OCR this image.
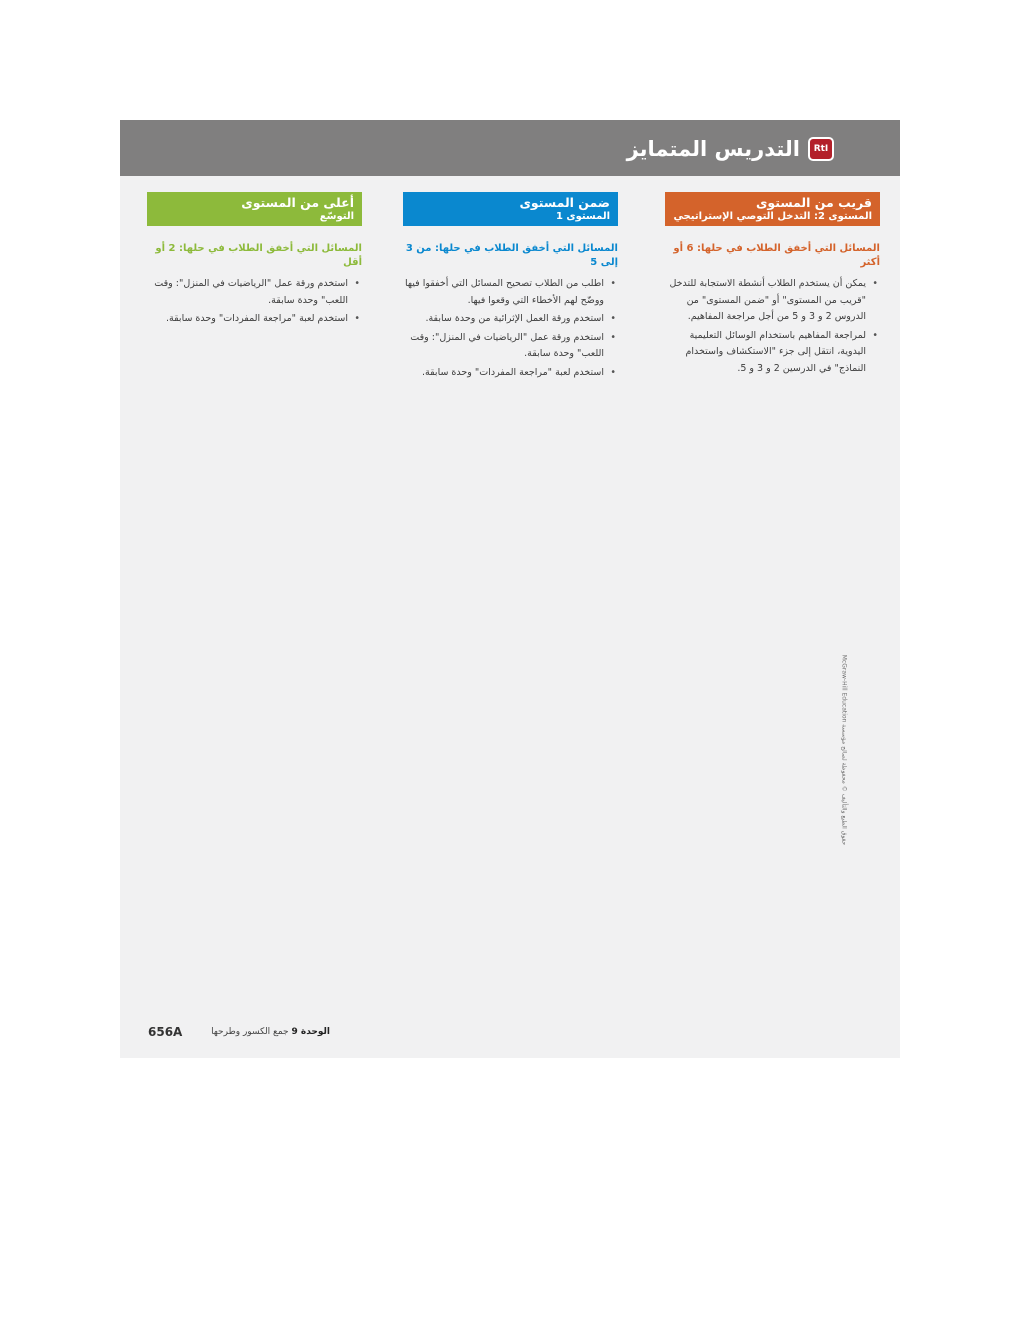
RtI
التدريس المتمايز
قريب من المستوى
المستوى 2: التدخل التوصي الإستراتيجي
المسائل التي أخفق الطلاب في حلها: 6 أو أكثر
• يمكن أن يستخدم الطلاب أنشطة الاستجابة للتدخل "قريب من المستوى" أو "ضمن المستوى" من الدروس 2 و 3 و 5 من أجل مراجعة المفاهيم.
• لمراجعة المفاهيم باستخدام الوسائل التعليمية اليدوية، انتقل إلى جزء "الاستكشاف واستخدام النماذج" في الدرسين 2 و 3 و 5.
ضمن المستوى
المستوى 1
المسائل التي أخفق الطلاب في حلها: من 3 إلى 5
• اطلب من الطلاب تصحيح المسائل التي أخفقوا فيها ووضّح لهم الأخطاء التي وقعوا فيها.
• استخدم ورقة العمل الإثرائية من وحدة سابقة.
• استخدم ورقة عمل "الرياضيات في المنزل": وقت اللعب" وحدة سابقة.
• استخدم لعبة "مراجعة المفردات" وحدة سابقة.
أعلى من المستوى
التوسّع
المسائل التي أخفق الطلاب في حلها: 2 أو أقل
• استخدم ورقة عمل "الرياضيات في المنزل": وقت اللعب" وحدة سابقة.
• استخدم لعبة "مراجعة المفردات" وحدة سابقة.
حقوق الطبع والتأليف © محفوظة لصالح مؤسسة McGraw-Hill Education
الوحدة 9 جمع الكسور وطرحها
656A
